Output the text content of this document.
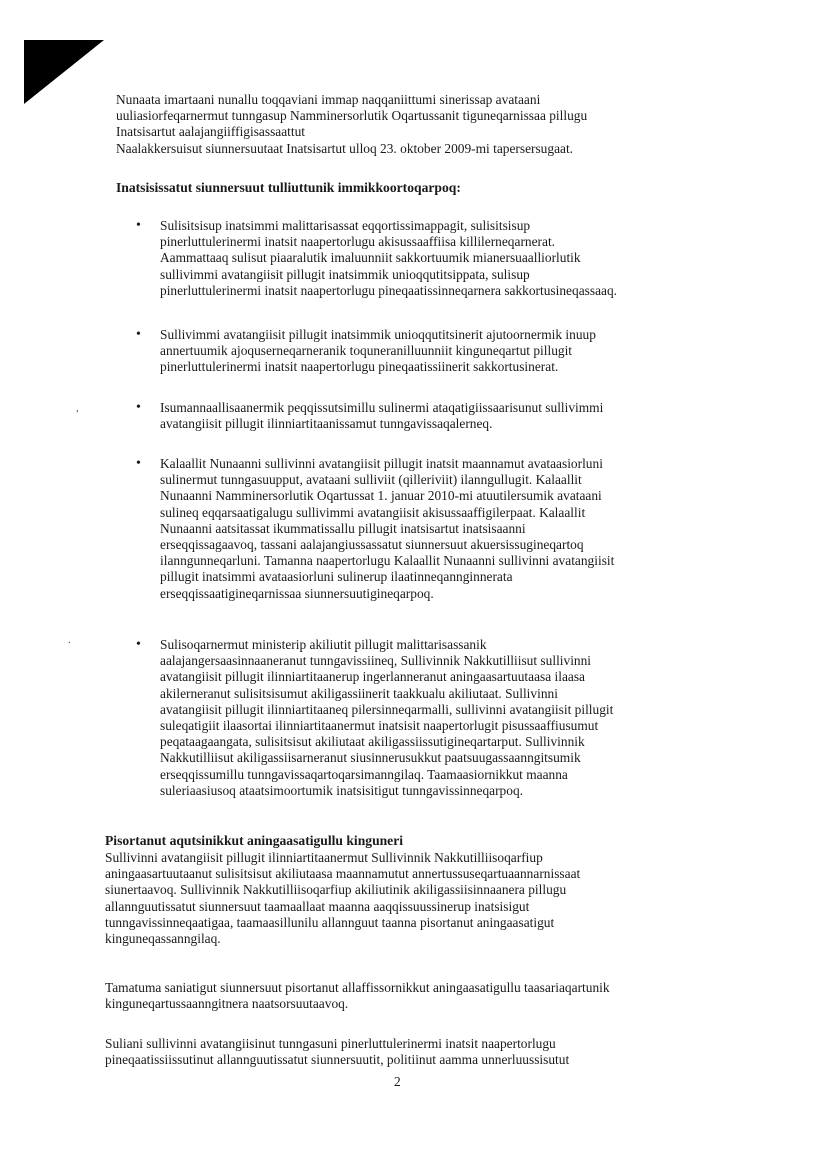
,
.
Nunaata imartaani nunallu toqqaviani immap naqqaniittumi sinerissap avataani
uuliasiorfeqarnermut tunngasup Namminersorlutik Oqartussanit tiguneqarnissaa pillugu
Inatsisartut aalajangiiffigisassaattut
Naalakkersuisut siunnersuutaat Inatsisartut ulloq 23. oktober 2009-mi tapersersugaat.
Inatsisissatut siunnersuut tulliuttunik immikkoortoqarpoq:
• Sulisitsisup inatsimmi malittarisassat eqqortissimappagit, sulisitsisup
pinerluttulerinermi inatsit naapertorlugu akisussaaffiisa killilerneqarnerat.
Aammattaaq sulisut piaaralutik imaluunniit sakkortuumik mianersuaalliorlutik
sullivimmi avatangiisit pillugit inatsimmik unioqqutitsippata, sulisup
pinerluttulerinermi inatsit naapertorlugu pineqaatissinneqarnera sakkortusineqassaaq.
• Sullivimmi avatangiisit pillugit inatsimmik unioqqutitsinerit ajutoornermik inuup
annertuumik ajoquserneqarneranik toquneranilluunniit kinguneqartut pillugit
pinerluttulerinermi inatsit naapertorlugu pineqaatissiinerit sakkortusinerat.
• Isumannaallisaanermik peqqissutsimillu sulinermi ataqatigiissaarisunut sullivimmi
avatangiisit pillugit ilinniartitaanissamut tunngavissaqalerneq.
• Kalaallit Nunaanni sullivinni avatangiisit pillugit inatsit maannamut avataasiorluni
sulinermut tunngasuupput, avataani sulliviit (qilleriviit) ilanngullugit. Kalaallit
Nunaanni Namminersorlutik Oqartussat 1. januar 2010-mi atuutilersumik avataani
sulineq eqqarsaatigalugu sullivimmi avatangiisit akisussaaffigilerpaat. Kalaallit
Nunaanni aatsitassat ikummatissallu pillugit inatsisartut inatsisaanni
erseqqissagaavoq, tassani aalajangiussassatut siunnersuut akuersissugineqartoq
ilanngunneqarluni. Tamanna naapertorlugu Kalaallit Nunaanni sullivinni avatangiisit
pillugit inatsimmi avataasiorluni sulinerup ilaatinneqannginnerata
erseqqissaatigineqarnissaa siunnersuutigineqarpoq.
• Sulisoqarnermut ministerip akiliutit pillugit malittarisassanik
aalajangersaasinnaaneranut tunngavissiineq, Sullivinnik Nakkutilliisut sullivinni
avatangiisit pillugit ilinniartitaanerup ingerlanneranut aningaasartuutaasa ilaasa
akilerneranut sulisitsisumut akiligassiinerit taakkualu akiliutaat. Sullivinni
avatangiisit pillugit ilinniartitaaneq pilersinneqarmalli, sullivinni avatangiisit pillugit
suleqatigiit ilaasortai ilinniartitaanermut inatsisit naapertorlugit pisussaaffiusumut
peqataagaangata, sulisitsisut akiliutaat akiligassiissutigineqartarput. Sullivinnik
Nakkutilliisut akiligassiisarneranut siusinnerusukkut paatsuugassaanngitsumik
erseqqissumillu tunngavissaqartoqarsimanngilaq. Taamaasiornikkut maanna
suleriaasiusoq ataatsimoortumik inatsisitigut tunngavissinneqarpoq.
Pisortanut aqutsinikkut aningaasatigullu kinguneri
Sullivinni avatangiisit pillugit ilinniartitaanermut Sullivinnik Nakkutilliisoqarfiup
aningaasartuutaanut sulisitsisut akiliutaasa maannamutut annertussuseqartuaannarnissaat
siunertaavoq. Sullivinnik Nakkutilliisoqarfiup akiliutinik akiligassiisinnaanera pillugu
allannguutissatut siunnersuut taamaallaat maanna aaqqissuussinerup inatsisigut
tunngavissinneqaatigaa, taamaasillunilu allannguut taanna pisortanut aningaasatigut
kinguneqassanngilaq.
Tamatuma saniatigut siunnersuut pisortanut allaffissornikkut aningaasatigullu taasariaqartunik
kinguneqartussaanngitnera naatsorsuutaavoq.
Suliani sullivinni avatangiisinut tunngasuni pinerluttulerinermi inatsit naapertorlugu
pineqaatissiissutinut allannguutissatut siunnersuutit, politiinut aamma unnerluussisutut
2
